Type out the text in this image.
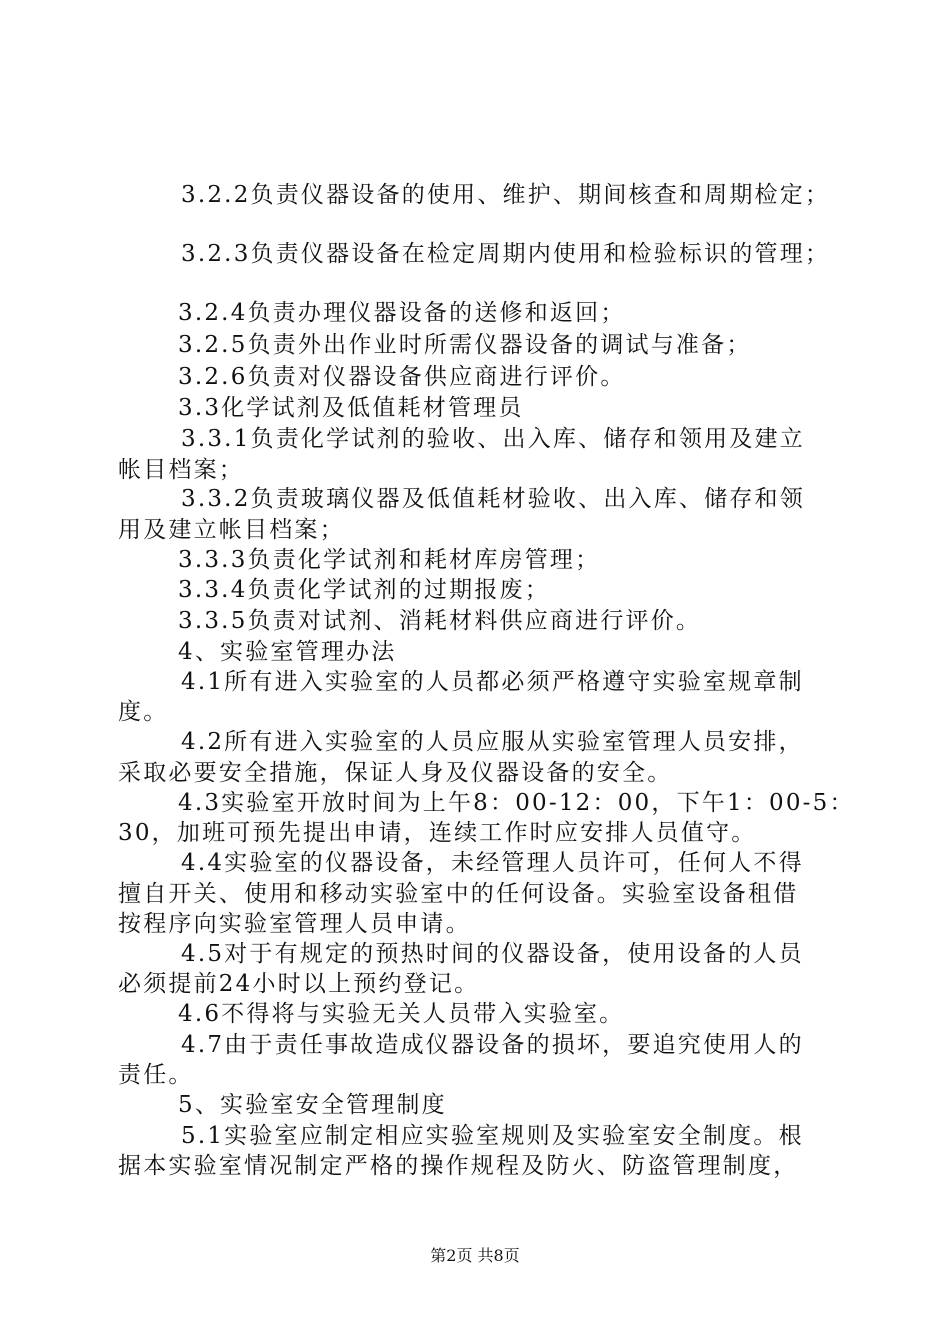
3.2.2负责仪器设备的使用、维护、期间核查和周期检定；
3.2.3负责仪器设备在检定周期内使用和检验标识的管理；
3.2.4负责办理仪器设备的送修和返回；
3.2.5负责外出作业时所需仪器设备的调试与准备；
3.2.6负责对仪器设备供应商进行评价。
3.3化学试剂及低值耗材管理员
3.3.1负责化学试剂的验收、出入库、储存和领用及建立
帐目档案；
3.3.2负责玻璃仪器及低值耗材验收、出入库、储存和领
用及建立帐目档案；
3.3.3负责化学试剂和耗材库房管理；
3.3.4负责化学试剂的过期报废；
3.3.5负责对试剂、消耗材料供应商进行评价。
4、实验室管理办法
4.1所有进入实验室的人员都必须严格遵守实验室规章制
度。
4.2所有进入实验室的人员应服从实验室管理人员安排，
采取必要安全措施，保证人身及仪器设备的安全。
4.3实验室开放时间为上午8：00-12：00，下午1：00-5：
30，加班可预先提出申请，连续工作时应安排人员值守。
4.4实验室的仪器设备，未经管理人员许可，任何人不得
擅自开关、使用和移动实验室中的任何设备。实验室设备租借
按程序向实验室管理人员申请。
4.5对于有规定的预热时间的仪器设备，使用设备的人员
必须提前24小时以上预约登记。
4.6不得将与实验无关人员带入实验室。
4.7由于责任事故造成仪器设备的损坏，要追究使用人的
责任。
5、实验室安全管理制度
5.1实验室应制定相应实验室规则及实验室安全制度。根
据本实验室情况制定严格的操作规程及防火、防盗管理制度，
第2页 共8页
